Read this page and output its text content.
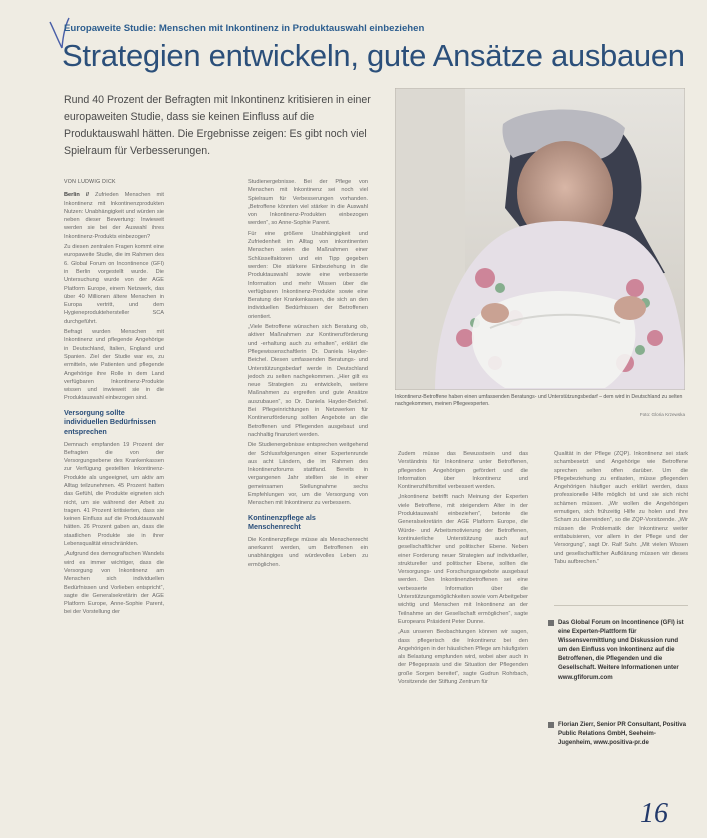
Europaweite Studie: Menschen mit Inkontinenz in Produktauswahl einbeziehen
Strategien entwickeln, gute Ansätze ausbauen
Rund 40 Prozent der Befragten mit Inkontinenz kritisieren in einer europaweiten Studie, dass sie keinen Einfluss auf die Produktauswahl hätten. Die Ergebnisse zeigen: Es gibt noch viel Spielraum für Verbesserungen.
Inkontinenz-Betroffene haben einen umfassenden Beratungs- und Unterstützungsbedarf – dem wird in Deutschland zu selten nachgekommen, meinen Pflegeexperten.
Foto: Gloria Krzewska

VON LUDWIG DICK

Berlin // Zufrieden Menschen mit Inkontinenz mit Inkontinenzprodukten Nutzen: Unabhängigkeit und würden sie neben dieser Bewertung: Inwieweit werden sie bei der Auswahl ihres Inkontinenz-Produkts einbezogen?

Zu diesen zentralen Fragen kommt eine europaweite Studie, die im Rahmen des 6. Global Forum on Incontinence (GFI) in Berlin vorgestellt wurde. Die Untersuchung wurde von der AGE Platform Europe, einem Netzwerk, das über 40 Millionen ältere Menschen in Europa vertritt, und dem Hygieneproduktehersteller SCA durchgeführt.

Befragt wurden Menschen mit Inkontinenz und pflegende Angehörige in Deutschland, Italien, England und Spanien. Ziel der Studie war es, zu ermitteln, wie Patienten und pflegende Angehörige ihre Rolle in dem Land verfügbaren Inkontinenz-Produkte wissen und inwieweit sie in die Produktauswahl einbezogen sind.

Versorgung sollte individuellen Bedürfnissen entsprechen

Demnach empfanden 19 Prozent der Befragten die von der Versorgungsebene des Krankenkassen zur Verfügung gestellten Inkontinenz-Produkte als ungeeignet, um aktiv am Alltag teilzunehmen. 45 Prozent hatten das Gefühl, die Produkte eigneten sich nicht, um sie während der Arbeit zu tragen. 41 Prozent kritisierten, dass sie keinen Einfluss auf die Produktauswahl hätten. 26 Prozent gaben an, dass die staatlichen Produkte sie in ihrer Lebensqualität einschränkten.

„Aufgrund des demografischen Wandels wird es immer wichtiger, dass die Versorgung von Inkontinenz am Menschen sich individuellen Bedürfnissen und Vorlieben entspricht“, sagte die Generalsekretärin der AGE Platform Europe, Anne-Sophie Parent, bei der Vorstellung der

Studienergebnisse. Bei der Pflege von Menschen mit Inkontinenz sei noch viel Spielraum für Verbesserungen vorhanden. „Betroffene könnten viel stärker in die Auswahl von Inkontinenz-Produkten einbezogen werden“, so Anne-Sophie Parent.

Für eine größere Unabhängigkeit und Zufriedenheit im Alltag von inkontinenten Menschen seien die Maßnahmen einer Schlüsselfaktoren und ein Tipp gegeben werden: Die stärkere Einbeziehung in die Produktauswahl sowie eine verbesserte Information und mehr Wissen über die verfügbaren Inkontinenz-Produkte sowie eine Beratung der Krankenkassen, die sich an den individuellen Bedürfnissen der Betroffenen orientiert.

„Viele Betroffene wünschen sich Beratung ob, aktiver Maßnahmen zur Kontinenzförderung und -erhaltung auch zu erhalten“, erklärt die Pflegewissenschaftlerin Dr. Daniela Hayder-Beichel. Diesen umfassenden Beratungs- und Unterstützungsbedarf werde in Deutschland jedoch zu selten nachgekommen. „Hier gilt es neue Strategien zu entwickeln, weitere Maßnahmen zu ergreifen und gute Ansätze auszubauen“, so Dr. Daniela Hayder-Beichel. Bei Pflegeinrichtungen in Netzwerken für Kontinenzförderung sollten Angebote an die Betroffenen und Pflegenden ausgebaut und nachhaltig finanziert werden.

Die Studienergebnisse entsprechen weitgehend der Schlussfolgerungen einer Expertenrunde aus acht Ländern, die im Rahmen des Inkontinenzforums stattfand. Bereits in vergangenen Jahr stellten sie in einer gemeinsamen Stellungnahme sechs Empfehlungen vor, um die Versorgung von Menschen mit Inkontinenz zu verbessern.

Kontinenzpflege als Menschenrecht

Die Kontinenzpflege müsse als Menschenrecht anerkannt werden, um Betroffenen ein unabhängiges und würdevolles Leben zu ermöglichen.

Zudem müsse das Bewusstsein und das Verständnis für Inkontinenz unter Betroffenen, pflegenden Angehörigen gefördert und die Information über Inkontinenz und Kontinenzhilfsmittel verbessert werden.

„Inkontinenz betrifft nach Meinung der Experten viele Betroffene, mit steigendem Alter in der Produktauswahl einbeziehen“, betonte die Generalsekretärin der AGE Platform Europe, die Würde- und Arbeitsmotivierung der Betroffenen, kontinuierliche Unterstützung auch auf gesellschaftlicher und politischer Ebene. Neben einer Forderung neuer Strategien auf individueller, struktureller und politischer Ebene, sollten die Versorgungs- und Forschungsangebote ausgebaut werden. Den Inkontinenzbetroffenen sei eine verbesserte Information über die Unterstützungsmöglichkeiten sowie vom Arbeitgeber wichtig und Menschen mit Inkontinenz an der Teilnahme an der Gesellschaft ermöglichen“, sagte Europeans Präsident Peter Dunne.

„Aus unseren Beobachtungen können wir sagen, dass pflegerisch die Inkontinenz bei den Angehörigen in der häuslichen Pflege am häufigsten als Belastung empfunden wird, wobei aber auch in der Pflegepraxis und die Situation der Pflegenden große Sorgen bereitet“, sagte Gudrun Rohrbach, Vorsitzende der Stiftung Zentrum für

Qualität in der Pflege (ZQP). Inkontinenz sei stark schambesetzt und Angehörige wie Betroffene sprechen selten offen darüber. Um die Pflegebeziehung zu entlasten, müsse pflegenden Angehörigen häufiger auch erklärt werden, dass professionelle Hilfe möglich ist und sie sich nicht schämen müssen. „Wir wollen die Angehörigen ermutigen, sich frühzeitig Hilfe zu holen und ihre Scham zu überwinden“, so die ZQP-Vorsitzende. „Wir müssen die Problematik der Inkontinenz weiter enttabuisieren, vor allem in der Pflege und der Versorgung“, sagt Dr. Ralf Suhr. „Mit vielen Wissen und gesellschaftlicher Aufklärung müssen wir dieses Tabu aufbrechen.“

Das Global Forum on Incontinence (GFI) ist eine Experten-Plattform für Wissensvermittlung und Diskussion rund um den Einfluss von Inkontinenz auf die Betroffenen, die Pflegenden und die Gesellschaft. Weitere Informationen unter www.gfiforum.com
Florian Zierr, Senior PR Consultant, Positiva Public Relations GmbH, Seeheim-Jugenheim, www.positiva-pr.de
16
